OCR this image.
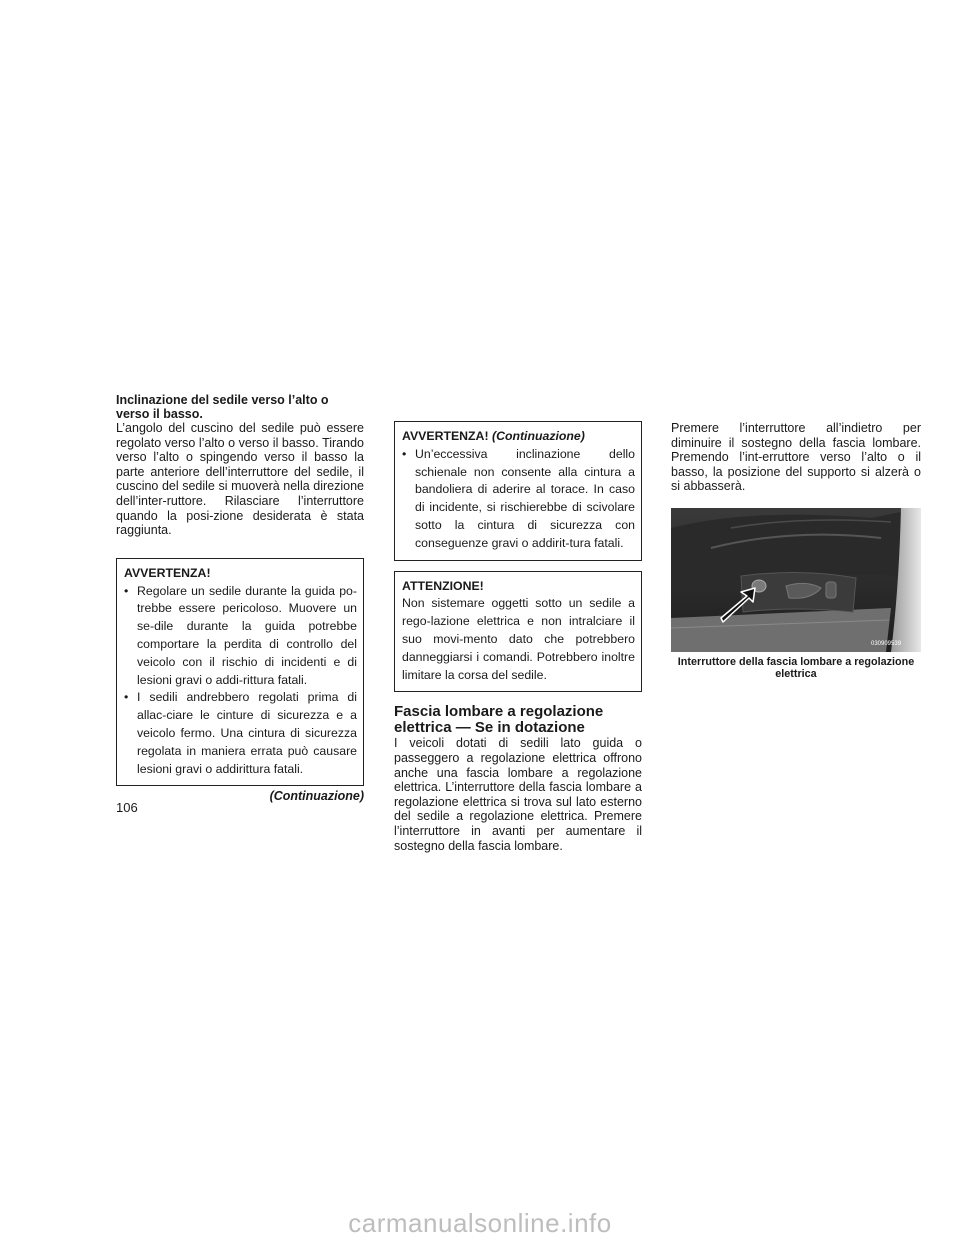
Inclinazione del sedile verso l’alto o verso il basso.

L’angolo del cuscino del sedile può essere regolato verso l’alto o verso il basso. Tirando verso l’alto o spingendo verso il basso la parte anteriore dell’interruttore del sedile, il cuscino del sedile si muoverà nella direzione dell’inter-ruttore. Rilasciare l’interruttore quando la posi-zione desiderata è stata raggiunta.

AVVERTENZA!
• Regolare un sedile durante la guida po-trebbe essere pericoloso. Muovere un se-dile durante la guida potrebbe comportare la perdita di controllo del veicolo con il rischio di incidenti e di lesioni gravi o addi-rittura fatali.
• I sedili andrebbero regolati prima di allac-ciare le cinture di sicurezza e a veicolo fermo. Una cintura di sicurezza regolata in maniera errata può causare lesioni gravi o addirittura fatali.
(Continuazione)
AVVERTENZA! (Continuazione)
• Un’eccessiva inclinazione dello schienale non consente alla cintura a bandoliera di aderire al torace. In caso di incidente, si rischierebbe di scivolare sotto la cintura di sicurezza con conseguenze gravi o addirit-tura fatali.
ATTENZIONE!
Non sistemare oggetti sotto un sedile a rego-lazione elettrica e non intralciare il suo movi-mento dato che potrebbero danneggiarsi i comandi. Potrebbero inoltre limitare la corsa del sedile.
Fascia lombare a regolazione elettrica — Se in dotazione

I veicoli dotati di sedili lato guida o passeggero a regolazione elettrica offrono anche una fascia lombare a regolazione elettrica. L’interruttore della fascia lombare a regolazione elettrica si trova sul lato esterno del sedile a regolazione elettrica. Premere l’interruttore in avanti per aumentare il sostegno della fascia lombare.

Premere l’interruttore all’indietro per diminuire il sostegno della fascia lombare. Premendo l’int-erruttore verso l’alto o il basso, la posizione del supporto si alzerà o si abbasserà.

030909539
Interruttore della fascia lombare a regolazione elettrica
106
carmanualsonline.info
